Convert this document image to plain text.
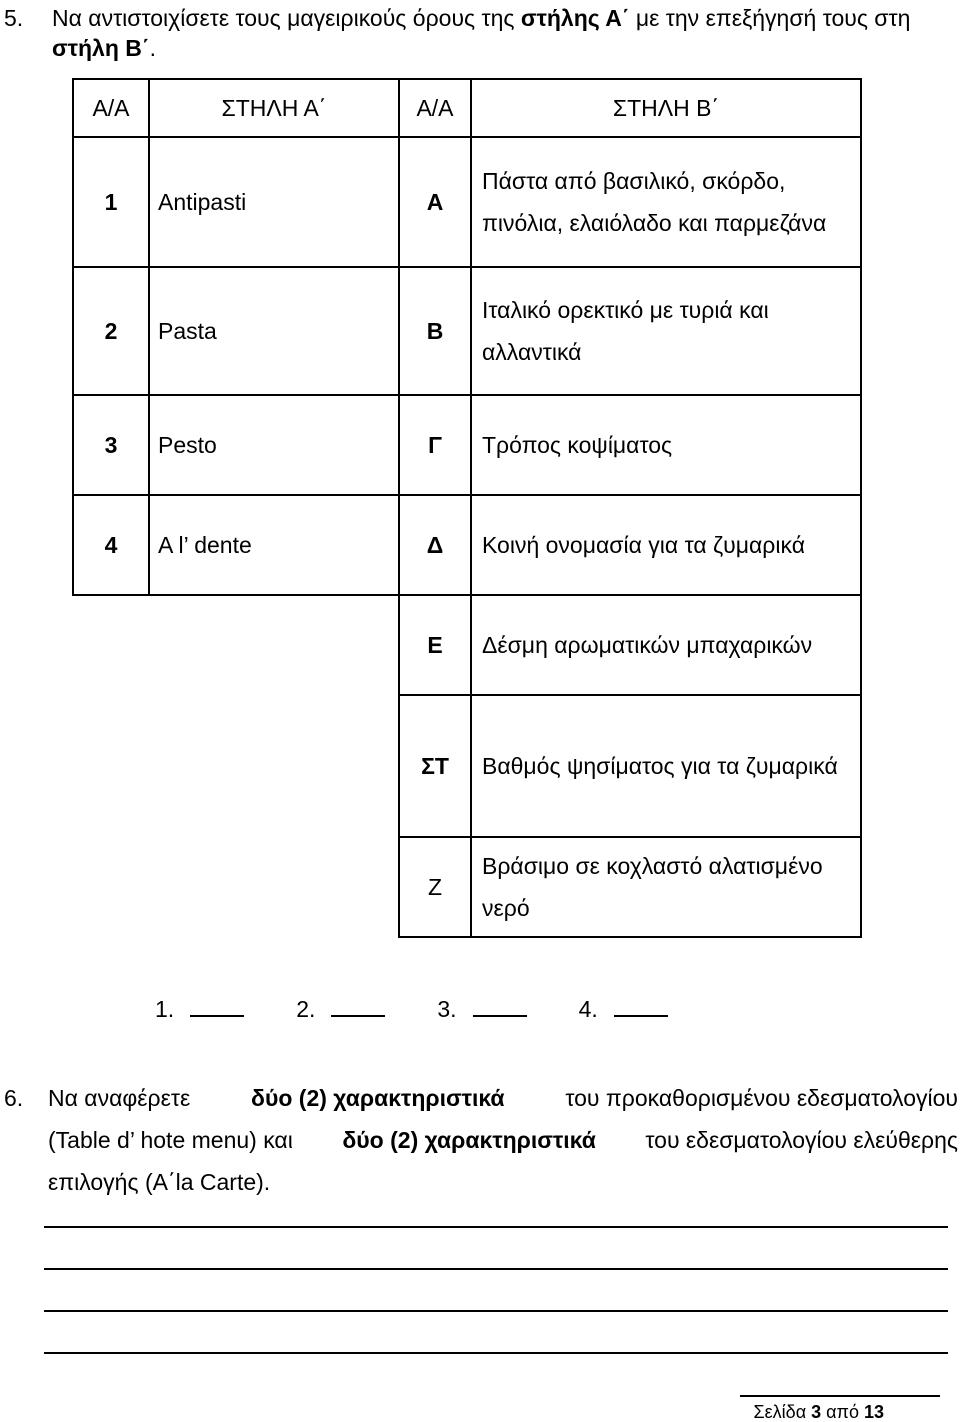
5. Να αντιστοιχίσετε τους μαγειρικούς όρους της στήλης Α΄ με την επεξήγησή τους στη
στήλη Β΄.
Α/Α	ΣΤΗΛΗ Α΄	Α/Α	ΣΤΗΛΗ Β΄
1	Antipasti	Α	Πάστα από βασιλικό, σκόρδο, πινόλια, ελαιόλαδο και παρμεζάνα
2	Pasta	Β	Ιταλικό ορεκτικό με τυριά και αλλαντικά
3	Pesto	Γ	Τρόπος κοψίματος
4	A l’ dente	Δ	Κοινή ονομασία για τα ζυμαρικά
		Ε	Δέσμη αρωματικών μπαχαρικών
		ΣΤ	Βαθμός ψησίματος για τα ζυμαρικά
		Ζ	Βράσιμο σε κοχλαστό αλατισμένο νερό
1.	2.	3.	4.
6.	Να αναφέρετε	δύο (2) χαρακτηριστικά	του προκαθορισμένου εδεσματολογίου
(Table d’ hote menu) και δύο (2) χαρακτηριστικά του εδεσματολογίου ελεύθερης
επιλογής (A΄la Carte).
Σελίδα 3 από 13
